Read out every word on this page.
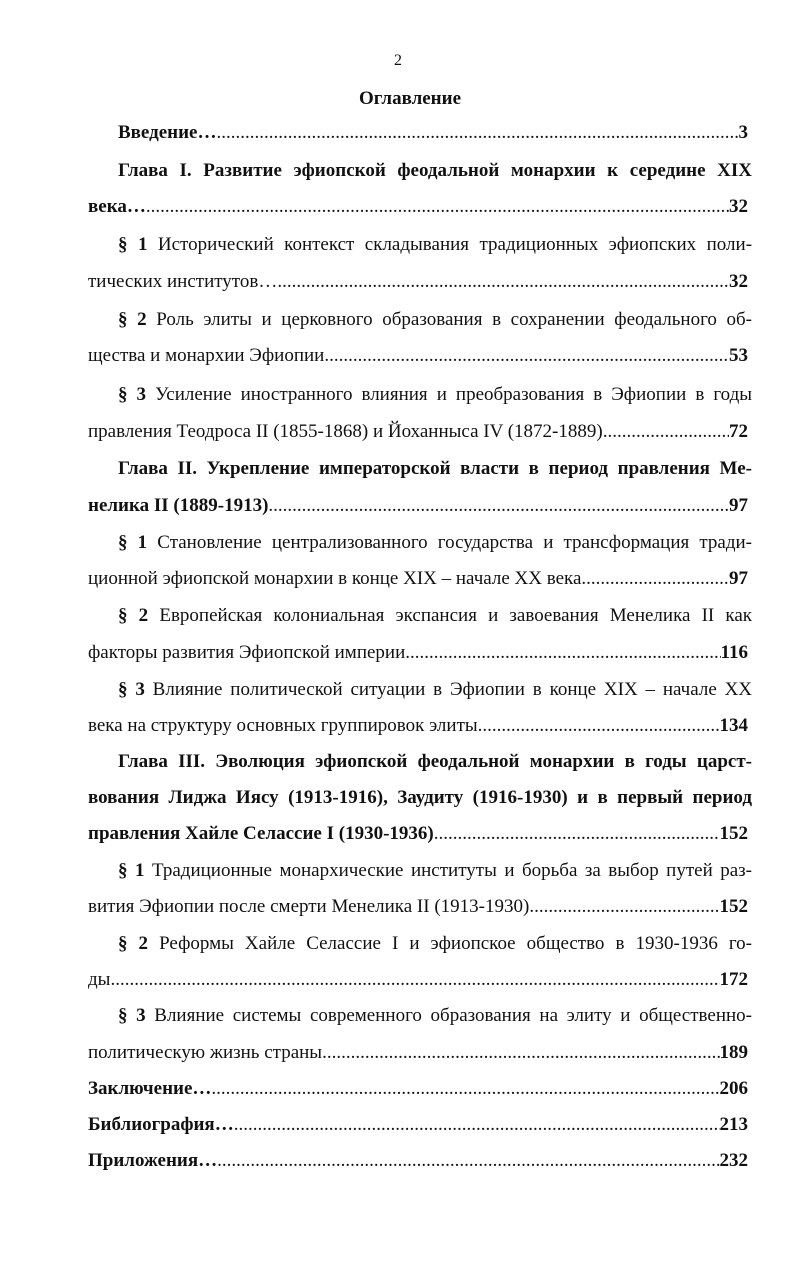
2
Оглавление
Введение… .....	3
Глава I. Развитие эфиопской феодальной монархии к середине XIX
века… .....	32
§ 1 Исторический контекст складывания традиционных эфиопских поли-
тических институтов… .....	32
§ 2 Роль элиты и церковного образования в сохранении феодального об-
щества и монархии Эфиопии .....	53
§ 3 Усиление иностранного влияния и преобразования в Эфиопии в годы
правления Теодроса II (1855-1868) и Йоханныса IV (1872-1889) .....	72
Глава II. Укрепление императорской власти в период правления Ме-
нелика II (1889-1913) .....	97
§ 1 Становление централизованного государства и трансформация тради-
ционной эфиопской монархии в конце XIX – начале XX века .....	97
§ 2 Европейская колониальная экспансия и завоевания Менелика II как
факторы развития Эфиопской империи .....	116
§ 3 Влияние политической ситуации в Эфиопии в конце XIX – начале XX
века на структуру основных группировок элиты .....	134
Глава III. Эволюция эфиопской феодальной монархии в годы царст-
вования Лиджа Иясу (1913-1916), Заудиту (1916-1930) и в первый период
правления Хайле Селассие I (1930-1936) .....	152
§ 1 Традиционные монархические институты и борьба за выбор путей раз-
вития Эфиопии после смерти Менелика II (1913-1930) .....	152
§ 2 Реформы Хайле Селассие I и эфиопское общество в 1930-1936 го-
ды .....	172
§ 3 Влияние системы современного образования на элиту и общественно-
политическую жизнь страны .....	189
Заключение… .....	206
Библиография… .....	213
Приложения… .....	232
